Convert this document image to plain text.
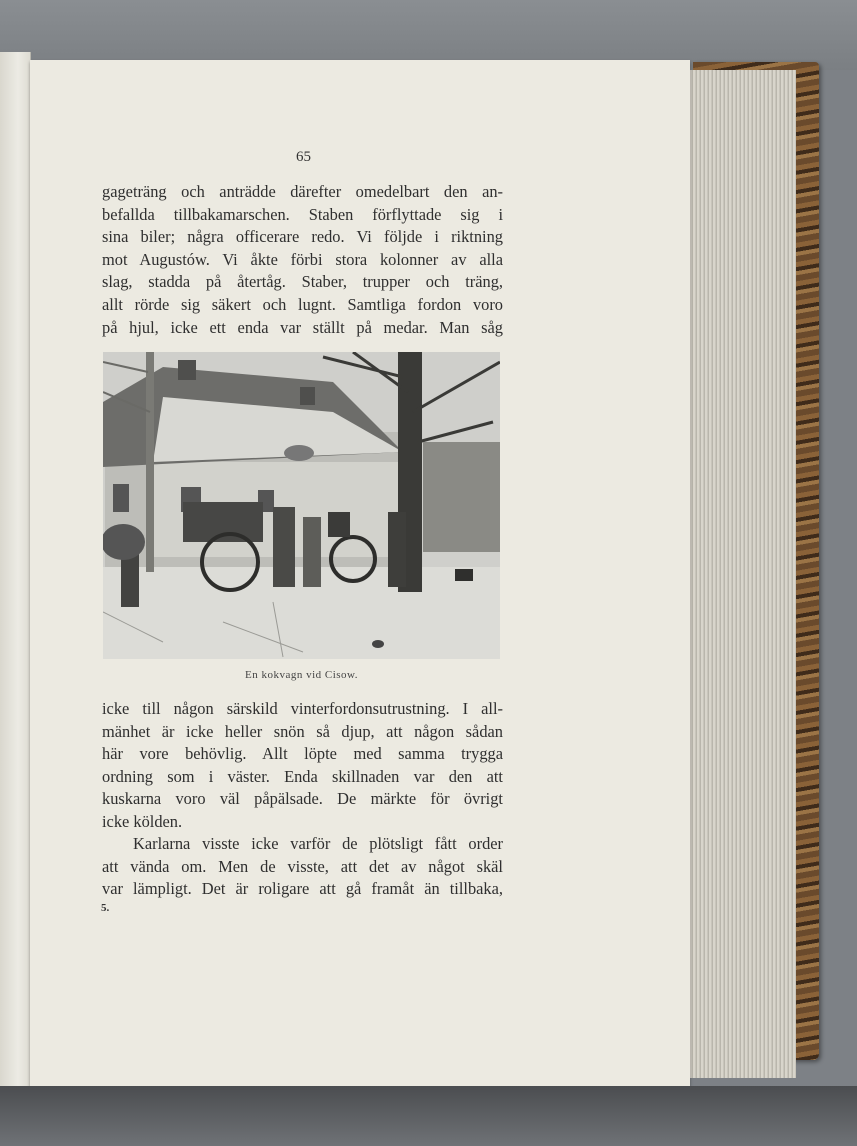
65
gageträng och anträdde därefter omedelbart den an-
befallda tillbakamarschen. Staben förflyttade sig i
sina biler; några officerare redo. Vi följde i riktning
mot Augustów. Vi åkte förbi stora kolonner av alla
slag, stadda på återtåg. Staber, trupper och träng,
allt rörde sig säkert och lugnt. Samtliga fordon voro
på hjul, icke ett enda var ställt på medar. Man såg
En kokvagn vid Cisow.
icke till någon särskild vinterfordonsutrustning. I all-
mänhet är icke heller snön så djup, att någon sådan
här vore behövlig. Allt löpte med samma trygga
ordning som i väster. Enda skillnaden var den att
kuskarna voro väl påpälsade. De märkte för övrigt
icke kölden.
Karlarna visste icke varför de plötsligt fått order
att vända om. Men de visste, att det av något skäl
var lämpligt. Det är roligare att gå framåt än tillbaka,
5.
